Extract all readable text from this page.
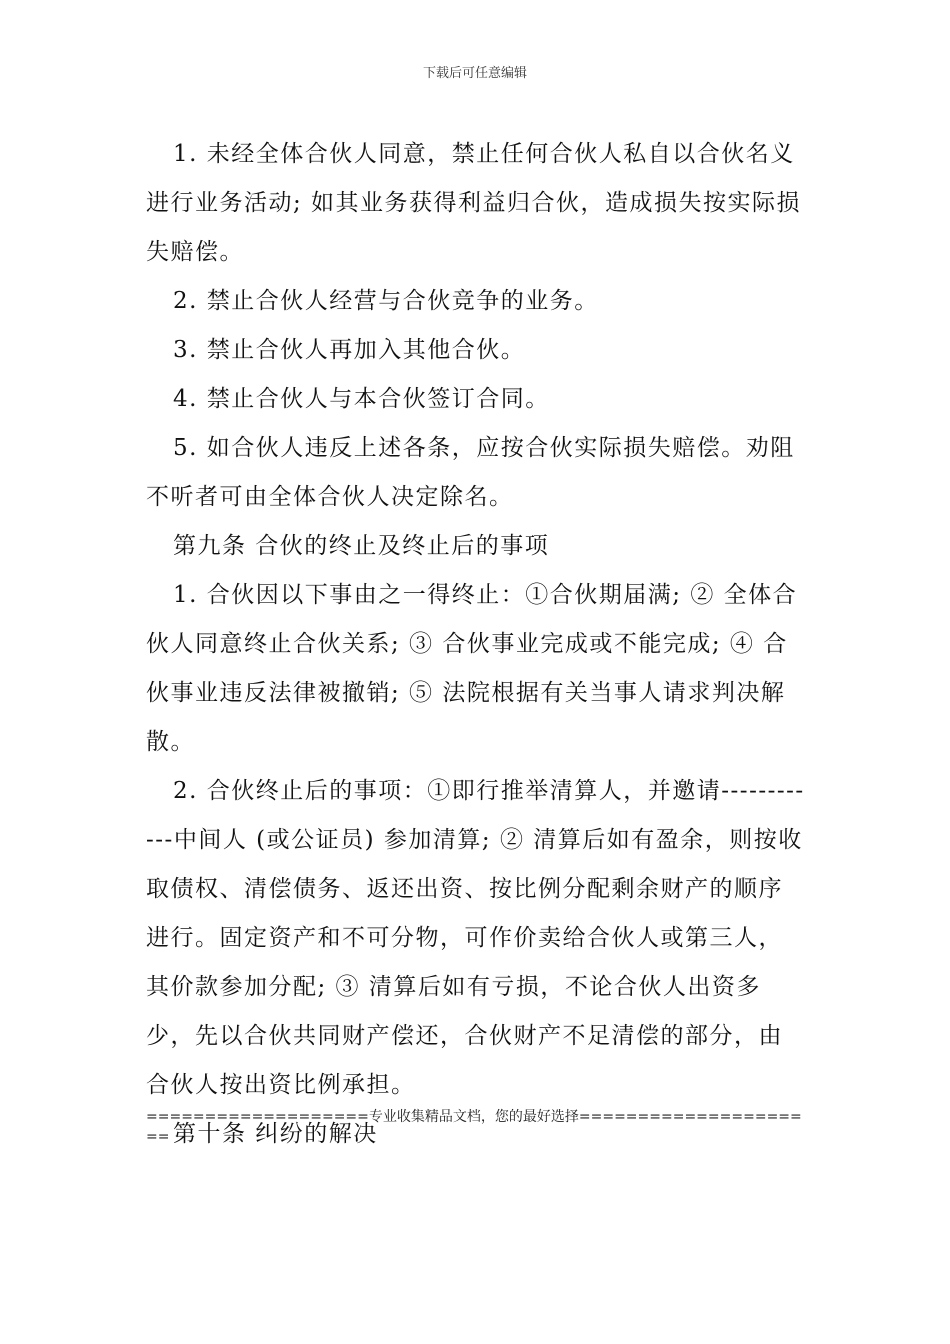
下载后可任意编辑

1. 未经全体合伙人同意，禁止任何合伙人私自以合伙名义进行业务活动; 如其业务获得利益归合伙，造成损失按实际损失赔偿。

2. 禁止合伙人经营与合伙竞争的业务。

3. 禁止合伙人再加入其他合伙。

4. 禁止合伙人与本合伙签订合同。

5. 如合伙人违反上述各条，应按合伙实际损失赔偿。劝阻不听者可由全体合伙人决定除名。

第九条 合伙的终止及终止后的事项

1. 合伙因以下事由之一得终止：①合伙期届满; ② 全体合伙人同意终止合伙关系; ③ 合伙事业完成或不能完成; ④ 合伙事业违反法律被撤销; ⑤ 法院根据有关当事人请求判决解散。

2. 合伙终止后的事项：①即行推举清算人，并邀请------------中间人 (或公证员) 参加清算; ② 清算后如有盈余，则按收取债权、清偿债务、返还出资、按比例分配剩余财产的顺序进行。固定资产和不可分物，可作价卖给合伙人或第三人，其价款参加分配; ③ 清算后如有亏损，不论合伙人出资多少，先以合伙共同财产偿还，合伙财产不足清偿的部分，由合伙人按出资比例承担。

第十条 纠纷的解决

===================专业收集精品文档，您的最好选择=====================
